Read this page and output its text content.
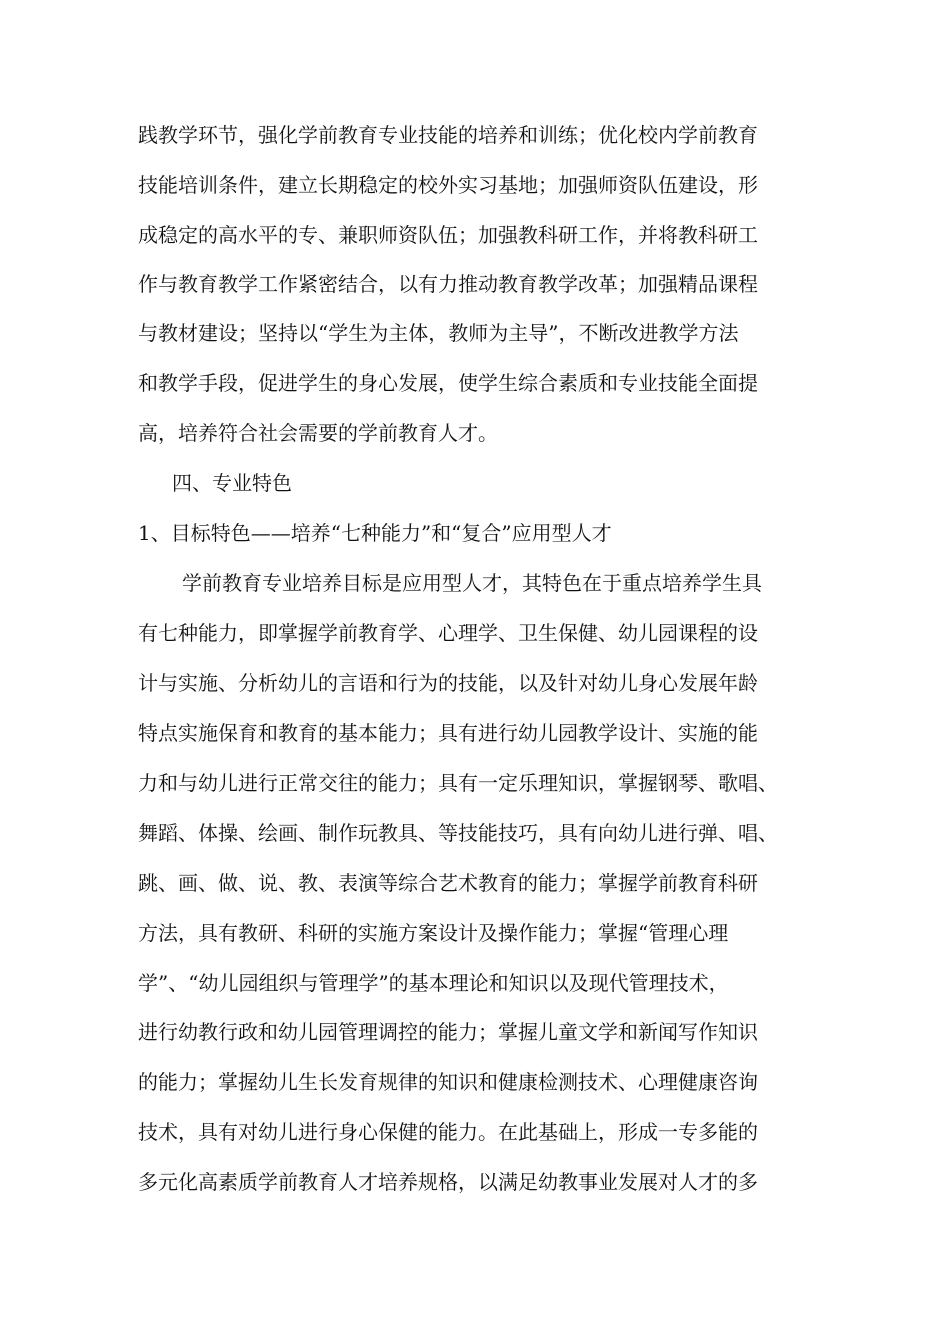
践教学环节，强化学前教育专业技能的培养和训练；优化校内学前教育
技能培训条件，建立长期稳定的校外实习基地；加强师资队伍建设，形
成稳定的高水平的专、兼职师资队伍；加强教科研工作，并将教科研工
作与教育教学工作紧密结合，以有力推动教育教学改革；加强精品课程
与教材建设；坚持以“学生为主体，教师为主导”，不断改进教学方法
和教学手段，促进学生的身心发展，使学生综合素质和专业技能全面提
高，培养符合社会需要的学前教育人才。
四、专业特色
1、目标特色——培养“七种能力”和“复合”应用型人才
学前教育专业培养目标是应用型人才，其特色在于重点培养学生具
有七种能力，即掌握学前教育学、心理学、卫生保健、幼儿园课程的设
计与实施、分析幼儿的言语和行为的技能，以及针对幼儿身心发展年龄
特点实施保育和教育的基本能力；具有进行幼儿园教学设计、实施的能
力和与幼儿进行正常交往的能力；具有一定乐理知识，掌握钢琴、歌唱、
舞蹈、体操、绘画、制作玩教具、等技能技巧，具有向幼儿进行弹、唱、
跳、画、做、说、教、表演等综合艺术教育的能力；掌握学前教育科研
方法，具有教研、科研的实施方案设计及操作能力；掌握“管理心理
学”、“幼儿园组织与管理学”的基本理论和知识以及现代管理技术，
进行幼教行政和幼儿园管理调控的能力；掌握儿童文学和新闻写作知识
的能力；掌握幼儿生长发育规律的知识和健康检测技术、心理健康咨询
技术，具有对幼儿进行身心保健的能力。在此基础上，形成一专多能的
多元化高素质学前教育人才培养规格，以满足幼教事业发展对人才的多
